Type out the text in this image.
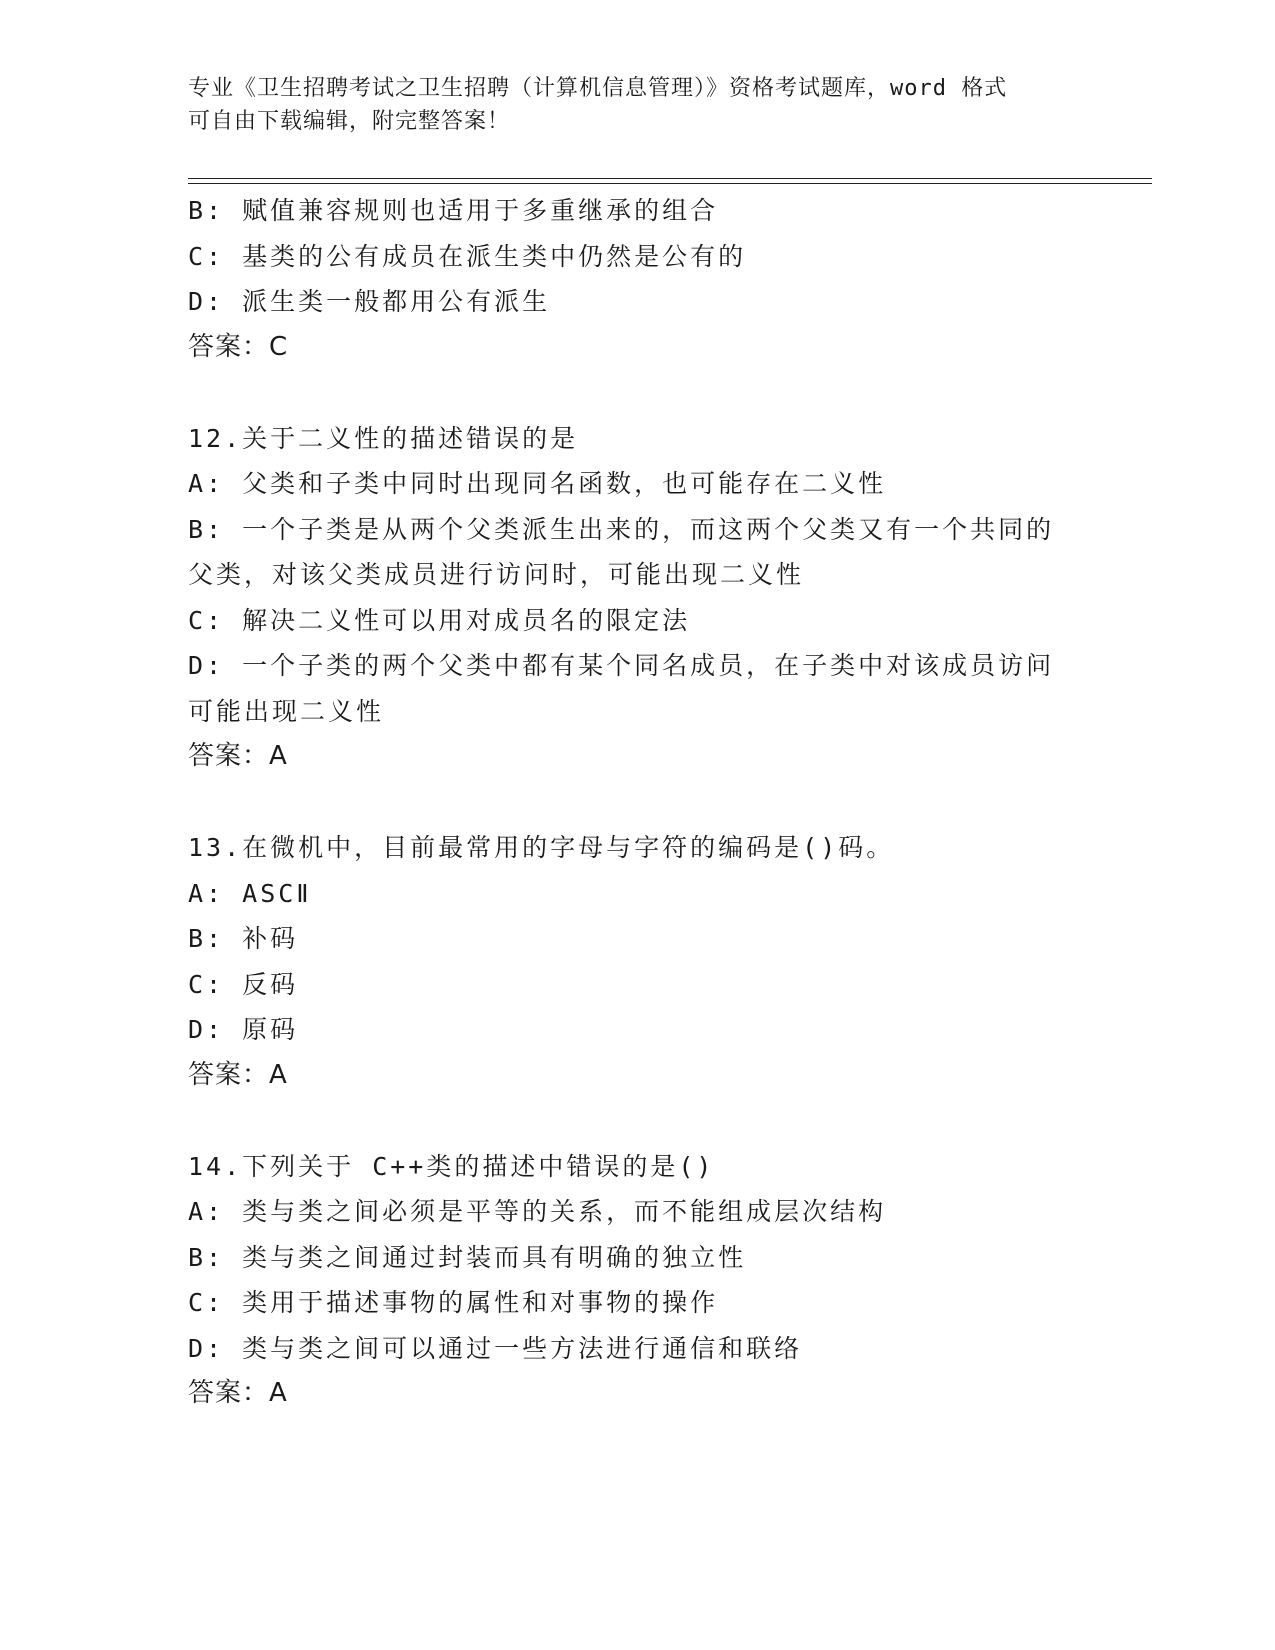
专业《卫生招聘考试之卫生招聘（计算机信息管理）》资格考试题库，word 格式
可自由下载编辑，附完整答案！
B: 赋值兼容规则也适用于多重继承的组合
C: 基类的公有成员在派生类中仍然是公有的
D: 派生类一般都用公有派生
答案：C
12.关于二义性的描述错误的是
A: 父类和子类中同时出现同名函数，也可能存在二义性
B: 一个子类是从两个父类派生出来的，而这两个父类又有一个共同的
父类，对该父类成员进行访问时，可能出现二义性
C: 解决二义性可以用对成员名的限定法
D: 一个子类的两个父类中都有某个同名成员，在子类中对该成员访问
可能出现二义性
答案：A
13.在微机中，目前最常用的字母与字符的编码是()码。
A: ASCⅡ
B: 补码
C: 反码
D: 原码
答案：A
14.下列关于 C++类的描述中错误的是()
A: 类与类之间必须是平等的关系，而不能组成层次结构
B: 类与类之间通过封装而具有明确的独立性
C: 类用于描述事物的属性和对事物的操作
D: 类与类之间可以通过一些方法进行通信和联络
答案：A
